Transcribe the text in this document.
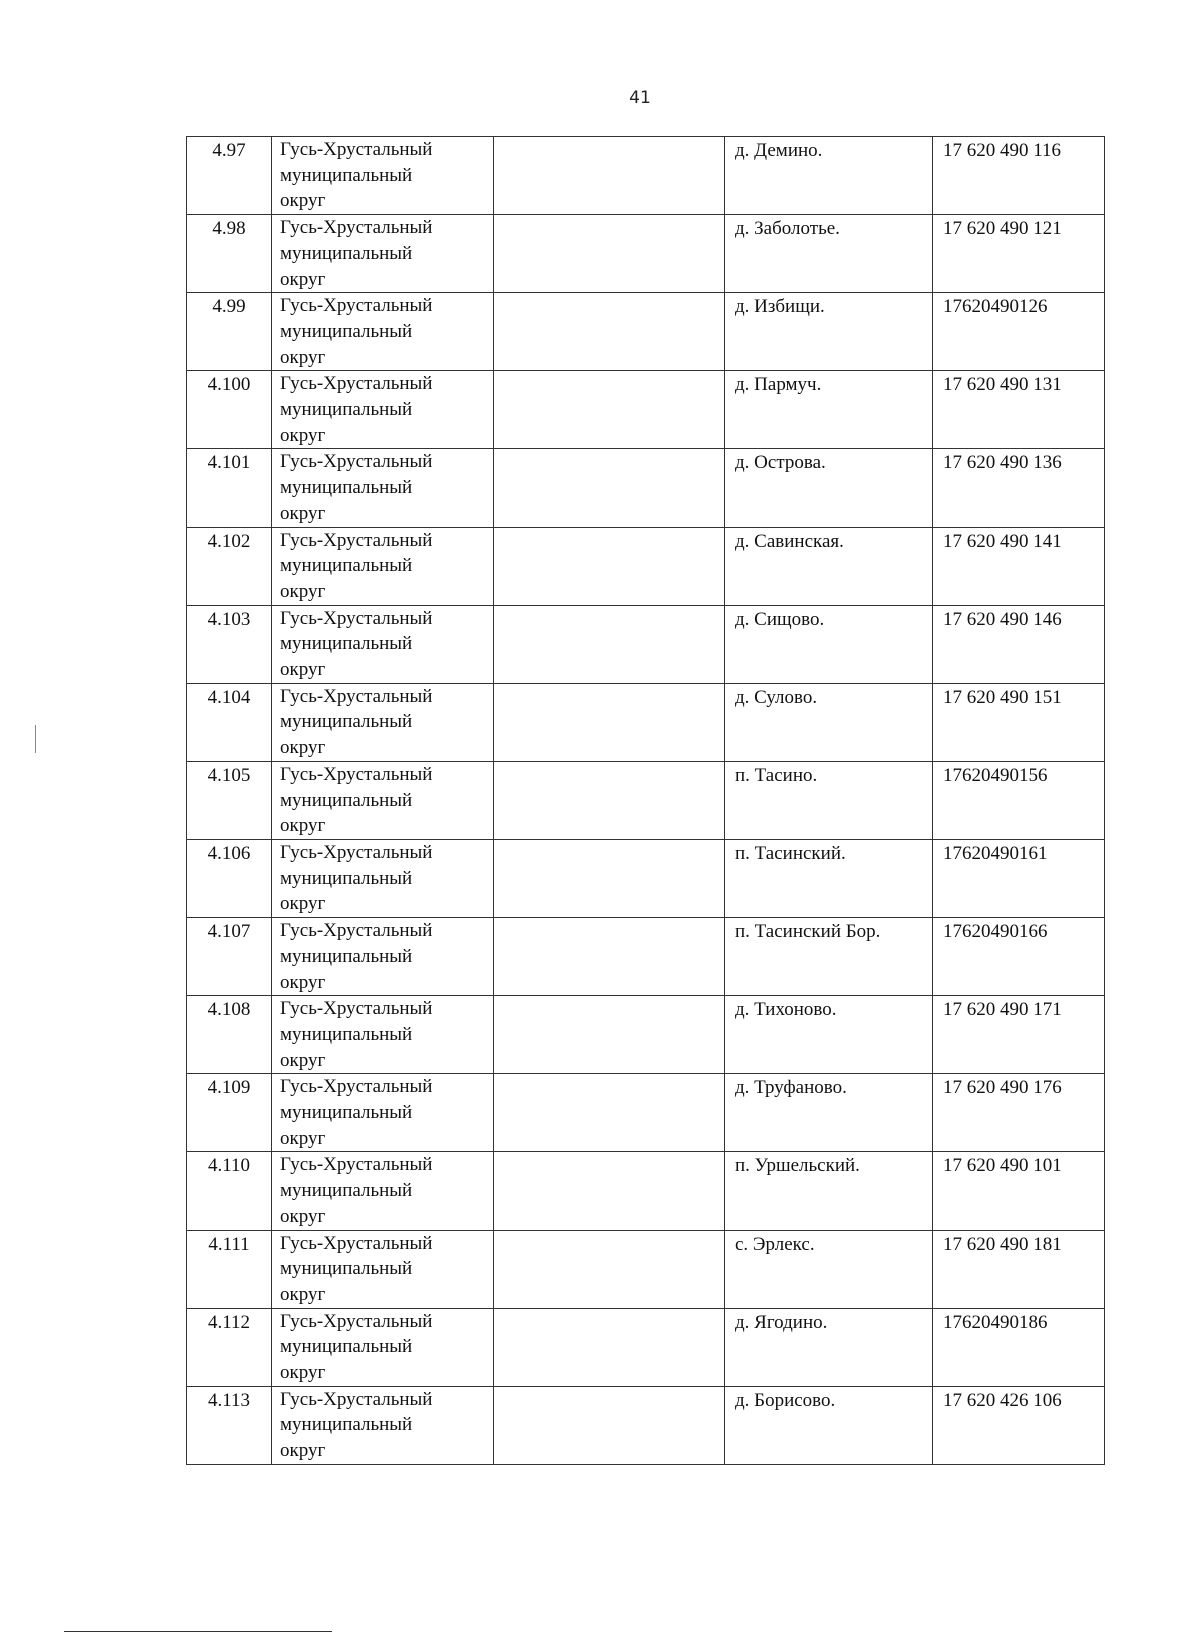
41
4.97	Гусь-Хрустальный
муниципальный
округ		д. Демино.	17 620 490 116
4.98	Гусь-Хрустальный
муниципальный
округ		д. Заболотье.	17 620 490 121
4.99	Гусь-Хрустальный
муниципальный
округ		д. Избищи.	17620490126
4.100	Гусь-Хрустальный
муниципальный
округ		д. Пармуч.	17 620 490 131
4.101	Гусь-Хрустальный
муниципальный
округ		д. Острова.	17 620 490 136
4.102	Гусь-Хрустальный
муниципальный
округ		д. Савинская.	17 620 490 141
4.103	Гусь-Хрустальный
муниципальный
округ		д. Сищово.	17 620 490 146
4.104	Гусь-Хрустальный
муниципальный
округ		д. Сулово.	17 620 490 151
4.105	Гусь-Хрустальный
муниципальный
округ		п. Тасино.	17620490156
4.106	Гусь-Хрустальный
муниципальный
округ		п. Тасинский.	17620490161
4.107	Гусь-Хрустальный
муниципальный
округ		п. Тасинский Бор.	17620490166
4.108	Гусь-Хрустальный
муниципальный
округ		д. Тихоново.	17 620 490 171
4.109	Гусь-Хрустальный
муниципальный
округ		д. Труфаново.	17 620 490 176
4.110	Гусь-Хрустальный
муниципальный
округ		п. Уршельский.	17 620 490 101
4.111	Гусь-Хрустальный
муниципальный
округ		с. Эрлекс.	17 620 490 181
4.112	Гусь-Хрустальный
муниципальный
округ		д. Ягодино.	17620490186
4.113	Гусь-Хрустальный
муниципальный
округ		д. Борисово.	17 620 426 106
